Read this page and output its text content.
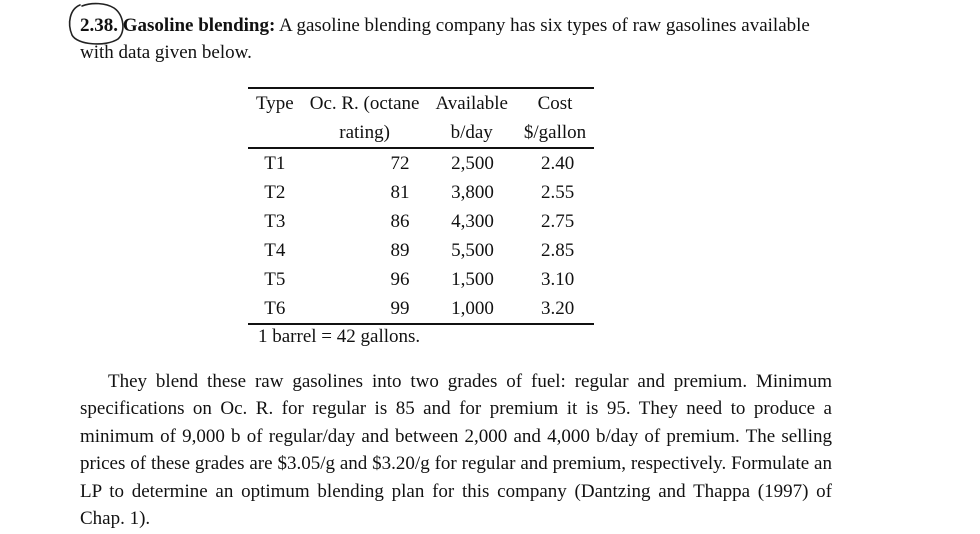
2.38. Gasoline blending: A gasoline blending company has six types of raw gasolines available with data given below.
Type	Oc. R. (octane	Available	Cost
	rating)	b/day	$/gallon
T1	72	2,500	2.40
T2	81	3,800	2.55
T3	86	4,300	2.75
T4	89	5,500	2.85
T5	96	1,500	3.10
T6	99	1,000	3.20
1 barrel = 42 gallons.

They blend these raw gasolines into two grades of fuel: regular and premium. Minimum specifications on Oc. R. for regular is 85 and for premium it is 95. They need to produce a minimum of 9,000 b of regular/day and between 2,000 and 4,000 b/day of premium. The selling prices of these grades are $3.05/g and $3.20/g for regular and premium, respectively. Formulate an LP to determine an optimum blending plan for this company (Dantzing and Thappa (1997) of Chap. 1).
